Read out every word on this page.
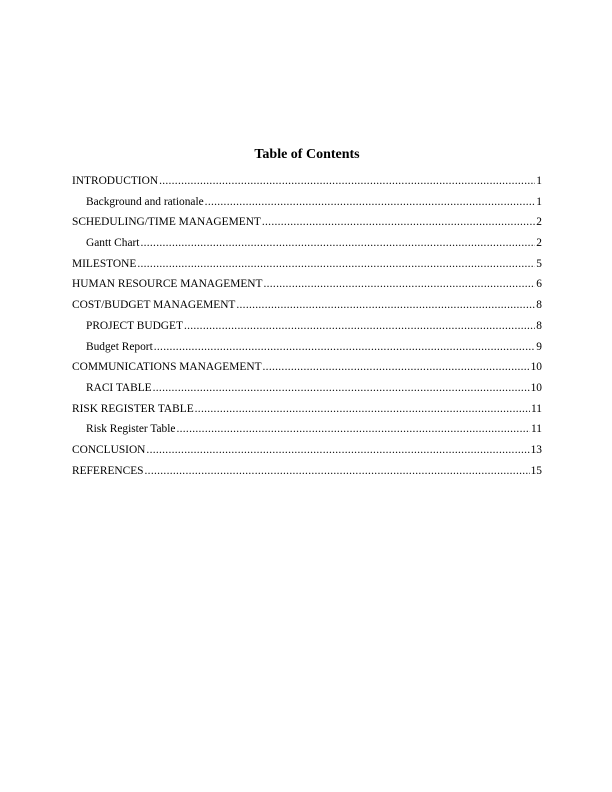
Table of Contents
INTRODUCTION .....	1
Background and rationale .....	1
SCHEDULING/TIME MANAGEMENT .....	2
Gantt Chart .....	2
MILESTONE .....	5
HUMAN RESOURCE MANAGEMENT .....	6
COST/BUDGET MANAGEMENT .....	8
PROJECT BUDGET .....	8
Budget Report .....	9
COMMUNICATIONS MANAGEMENT .....	10
RACI TABLE .....	10
RISK REGISTER TABLE .....	11
Risk Register Table .....	11
CONCLUSION .....	13
REFERENCES .....	15
